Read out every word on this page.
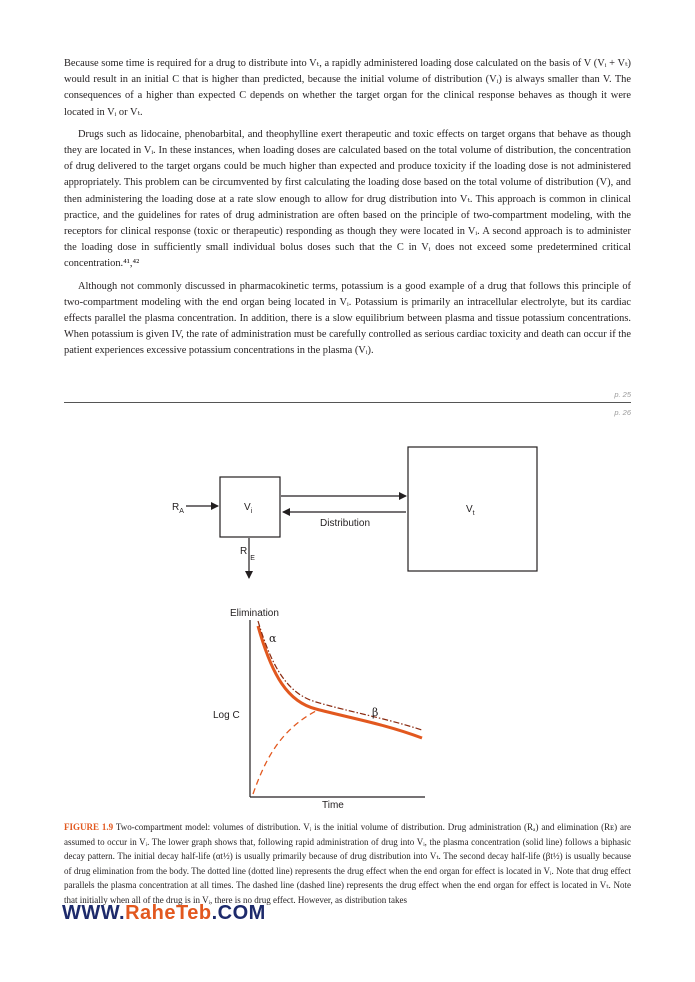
Because some time is required for a drug to distribute into Vₜ, a rapidly administered loading dose calculated on the basis of V (Vᵢ + Vₜ) would result in an initial C that is higher than predicted, because the initial volume of distribution (Vᵢ) is always smaller than V. The consequences of a higher than expected C depends on whether the target organ for the clinical response behaves as though it were located in Vᵢ or Vₜ.

Drugs such as lidocaine, phenobarbital, and theophylline exert therapeutic and toxic effects on target organs that behave as though they are located in Vᵢ. In these instances, when loading doses are calculated based on the total volume of distribution, the concentration of drug delivered to the target organs could be much higher than expected and produce toxicity if the loading dose is not administered appropriately. This problem can be circumvented by first calculating the loading dose based on the total volume of distribution (V), and then administering the loading dose at a rate slow enough to allow for drug distribution into Vₜ. This approach is common in clinical practice, and the guidelines for rates of drug administration are often based on the principle of two-compartment modeling, with the receptors for clinical response (toxic or therapeutic) responding as though they were located in Vᵢ. A second approach is to administer the loading dose in sufficiently small individual bolus doses such that the C in Vᵢ does not exceed some predetermined critical concentration.⁴¹,⁴²

Although not commonly discussed in pharmacokinetic terms, potassium is a good example of a drug that follows this principle of two-compartment modeling with the end organ being located in Vᵢ. Potassium is primarily an intracellular electrolyte, but its cardiac effects parallel the plasma concentration. In addition, there is a slow equilibrium between plasma and tissue potassium concentrations. When potassium is given IV, the rate of administration must be carefully controlled as serious cardiac toxicity and death can occur if the patient experiences excessive potassium concentrations in the plasma (Vᵢ).

p. 25
p. 26
$R_A$	$V_i$	$V_t$
Distribution
$R_E$
Elimination
Log C
Time
α
β
FIGURE 1.9 Two-compartment model: volumes of distribution. Vᵢ is the initial volume of distribution. Drug administration (Rₐ) and elimination (Rᴇ) are assumed to occur in Vᵢ. The lower graph shows that, following rapid administration of drug into Vᵢ, the plasma concentration (solid line) follows a biphasic decay pattern. The initial decay half-life (αt½) is usually primarily because of drug distribution into Vₜ. The second decay half-life (βt½) is usually because of drug elimination from the body. The dotted line (dotted line) represents the drug effect when the end organ for effect is located in Vᵢ. Note that drug effect parallels the plasma concentration at all times. The dashed line (dashed line) represents the drug effect when the end organ for effect is located in Vₜ. Note that initially when all of the drug is in Vᵢ, there is no drug effect. However, as distribution takes
WWW.RaheTeb.COM
